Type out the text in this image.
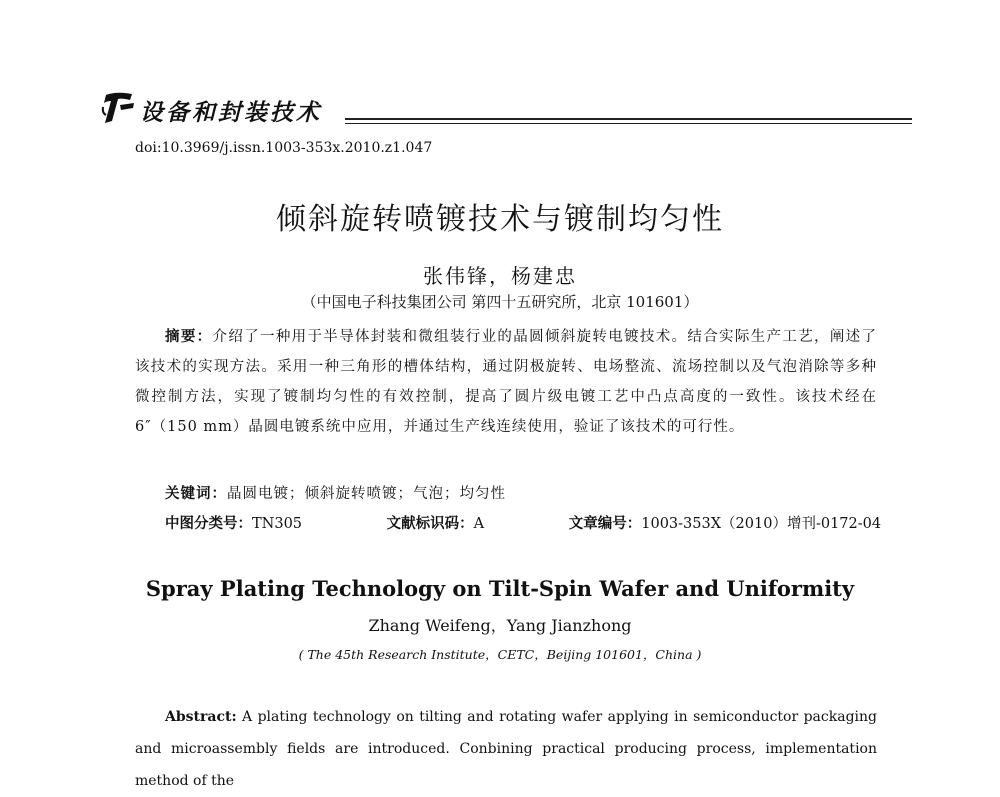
设备和封装技术
doi:10.3969/j.issn.1003-353x.2010.z1.047
倾斜旋转喷镀技术与镀制均匀性
张伟锋，杨建忠
（中国电子科技集团公司 第四十五研究所，北京 101601）
摘要：介绍了一种用于半导体封装和微组装行业的晶圆倾斜旋转电镀技术。结合实际生产工艺，阐述了该技术的实现方法。采用一种三角形的槽体结构，通过阴极旋转、电场整流、流场控制以及气泡消除等多种微控制方法，实现了镀制均匀性的有效控制，提高了圆片级电镀工艺中凸点高度的一致性。该技术经在6″（150 mm）晶圆电镀系统中应用，并通过生产线连续使用，验证了该技术的可行性。
关键词：晶圆电镀；倾斜旋转喷镀；气泡；均匀性
中图分类号：TN305	文献标识码：A	文章编号：1003-353X（2010）增刊-0172-04
Spray Plating Technology on Tilt-Spin Wafer and Uniformity
Zhang Weifeng，Yang Jianzhong
( The 45th Research Institute，CETC，Beijing 101601，China )
Abstract: A plating technology on tilting and rotating wafer applying in semiconductor packaging and microassembly fields are introduced. Conbining practical producing process, implementation method of the
